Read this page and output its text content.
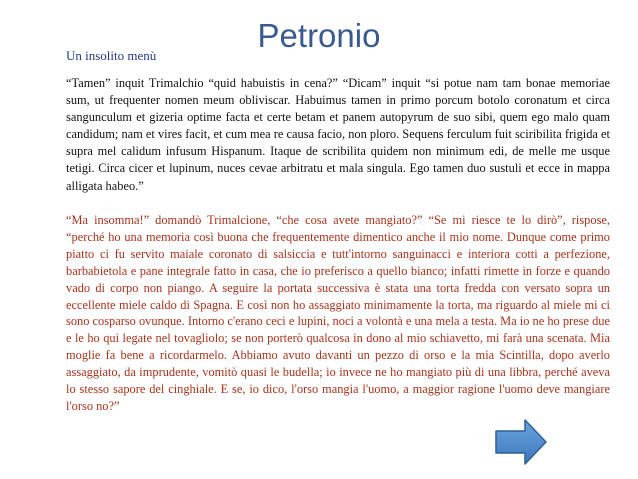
Petronio

Un insolito menù

“Tamen” inquit Trimalchio “quid habuistis in cena?” “Dicam” inquit “si potue nam tam bonae memoriae sum, ut frequenter nomen meum obliviscar. Habuimus tamen in primo porcum botolo coronatum et circa sangunculum et gizeria optime facta et certe betam et panem autopyrum de suo sibi, quem ego malo quam candidum; nam et vires facit, et cum mea re causa facio, non ploro. Sequens ferculum fuit sciribilita frigida et supra mel calidum infusum Hispanum. Itaque de scribilita quidem non minimum edi, de melle me usque tetigi. Circa cicer et lupinum, nuces cevae arbitratu et mala singula. Ego tamen duo sustuli et ecce in mappa alligata habeo.”

“Ma insomma!” domandò Trimalcione, “che cosa avete mangiato?” “Se mi riesce te lo dirò”, rispose, “perché ho una memoria così buona che frequentemente dimentico anche il mio nome. Dunque come primo piatto ci fu servito maiale coronato di salsiccia e tutt'intorno sanguinacci e interiora cotti a perfezione, barbabietola e pane integrale fatto in casa, che io preferisco a quello bianco; infatti rimette in forze e quando vado di corpo non piango. A seguire la portata successiva è stata una torta fredda con versato sopra un eccellente miele caldo di Spagna. E così non ho assaggiato minimamente la torta, ma riguardo al miele mi ci sono cosparso ovunque. Intorno c'erano ceci e lupini, noci a volontà e una mela a testa. Ma io ne ho prese due e le ho qui legate nel tovagliolo; se non porterò qualcosa in dono al mio schiavetto, mi farà una scenata. Mia moglie fa bene a ricordarmelo. Abbiamo avuto davanti un pezzo di orso e la mia Scintilla, dopo averlo assaggiato, da imprudente, vomitò quasi le budella; io invece ne ho mangiato più di una libbra, perché aveva lo stesso sapore del cinghiale. E se, io dico, l'orso mangia l'uomo, a maggior ragione l'uomo deve mangiare l'orso no?”
